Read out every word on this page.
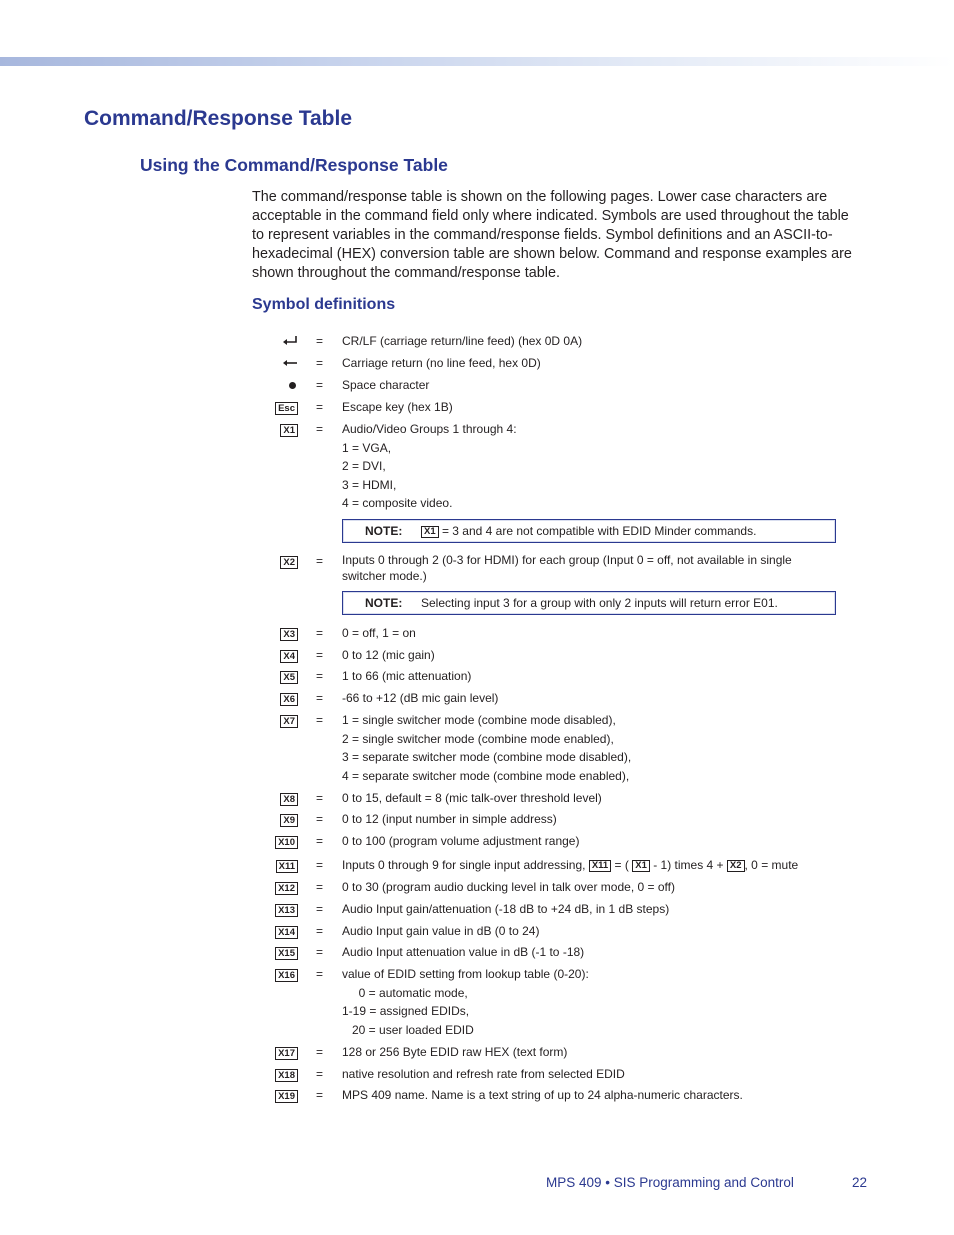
Command/Response Table
Using the Command/Response Table

The command/response table is shown on the following pages. Lower case characters are acceptable in the command field only where indicated. Symbols are used throughout the table to represent variables in the command/response fields. Symbol definitions and an ASCII-to-hexadecimal (HEX) conversion table are shown below. Command and response examples are shown throughout the command/response table.

Symbol definitions
= CR/LF (carriage return/line feed) (hex 0D 0A)
= Carriage return (no line feed, hex 0D)
= Space character
Esc = Escape key (hex 1B)
X1 = Audio/Video Groups 1 through 4:
1 = VGA,
2 = DVI,
3 = HDMI,
4 = composite video.
NOTE:	X1 = 3 and 4 are not compatible with EDID Minder commands.
X2 = Inputs 0 through 2 (0-3 for HDMI) for each group (Input 0 = off, not available in single
switcher mode.)
NOTE: Selecting input 3 for a group with only 2 inputs will return error E01.
X3 = 0 = off, 1 = on
X4 = 0 to 12 (mic gain)
X5 = 1 to 66 (mic attenuation)
X6 = -66 to +12 (dB mic gain level)
X7 = 1 = single switcher mode (combine mode disabled),
2 = single switcher mode (combine mode enabled),
3 = separate switcher mode (combine mode disabled),
4 = separate switcher mode (combine mode enabled),
X8 = 0 to 15, default = 8 (mic talk-over threshold level)
X9 = 0 to 12 (input number in simple address)
X10 = 0 to 100 (program volume adjustment range)
X11 = Inputs 0 through 9 for single input addressing, X11 = ( X1 - 1) times 4 + X2 , 0 = mute
X12 = 0 to 30 (program audio ducking level in talk over mode, 0 = off)
X13 = Audio Input gain/attenuation (-18 dB to +24 dB, in 1 dB steps)
X14 = Audio Input gain value in dB (0 to 24)
X15 = Audio Input attenuation value in dB (-1 to -18)
X16 = value of EDID setting from lookup table (0-20):
0 = automatic mode,
1-19 = assigned EDIDs,
20 = user loaded EDID
X17 = 128 or 256 Byte EDID raw HEX (text form)
X18 = native resolution and refresh rate from selected EDID
X19 = MPS 409 name. Name is a text string of up to 24 alpha-numeric characters.
MPS 409 • SIS Programming and Control	22
